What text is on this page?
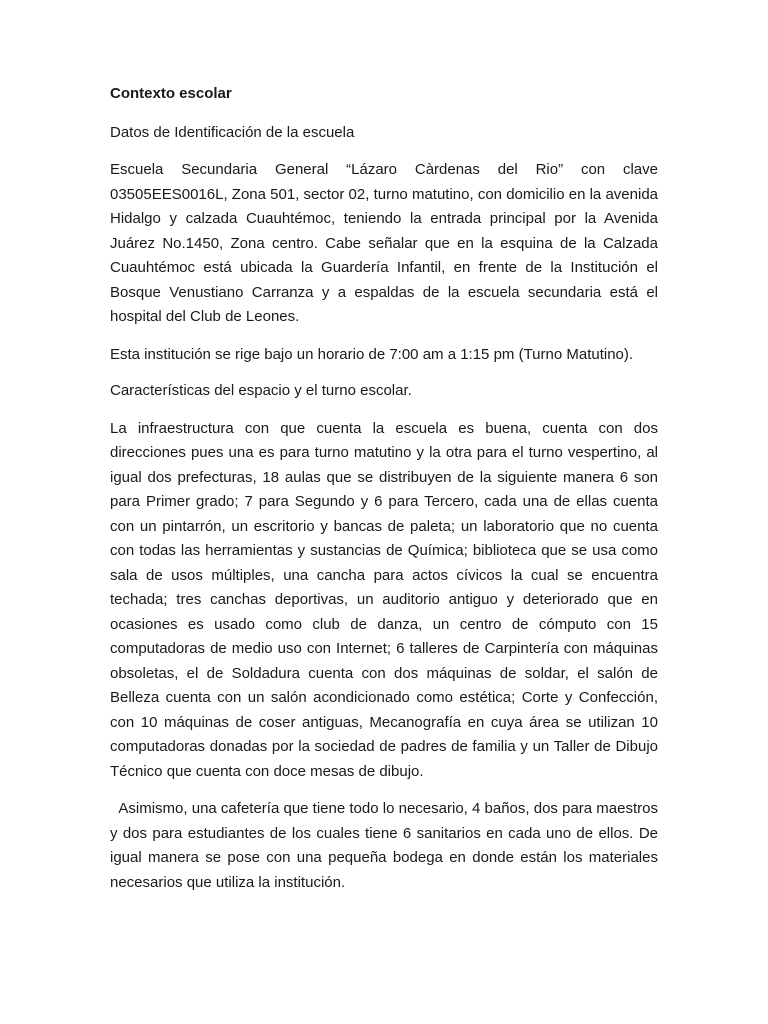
Contexto escolar
Datos de Identificación de la escuela
Escuela Secundaria General “Lázaro Càrdenas del Rio” con clave 03505EES0016L, Zona 501, sector 02, turno matutino, con domicilio en la avenida Hidalgo y calzada Cuauhtémoc, teniendo la entrada principal por la Avenida Juárez No.1450, Zona centro. Cabe señalar que en la esquina de la Calzada Cuauhtémoc está ubicada la Guardería Infantil, en frente de la Institución el Bosque Venustiano Carranza y a espaldas de la escuela secundaria está el hospital del Club de Leones.
Esta institución se rige bajo un horario de 7:00 am a 1:15 pm (Turno Matutino).
Características del espacio y el turno escolar.
La infraestructura con que cuenta la escuela es buena, cuenta con dos direcciones pues una es para turno matutino y la otra para el turno vespertino, al igual dos prefecturas, 18 aulas que se distribuyen de la siguiente manera 6 son para Primer grado; 7 para Segundo y 6 para Tercero, cada una de ellas cuenta con un pintarrón, un escritorio y bancas de paleta; un laboratorio que no cuenta con todas las herramientas y sustancias de Química; biblioteca que se usa como sala de usos múltiples, una cancha para actos cívicos la cual se encuentra techada; tres canchas deportivas, un auditorio antiguo y deteriorado que en ocasiones es usado como club de danza, un centro de cómputo con 15 computadoras de medio uso con Internet; 6 talleres de Carpintería con máquinas obsoletas, el de Soldadura cuenta con dos máquinas de soldar, el salón de Belleza cuenta con un salón acondicionado como estética; Corte y Confección, con 10 máquinas de coser antiguas, Mecanografía en cuya área se utilizan 10 computadoras donadas por la sociedad de padres de familia y un Taller de Dibujo Técnico que cuenta con doce mesas de dibujo.
Asimismo, una cafetería que tiene todo lo necesario, 4 baños, dos para maestros y dos para estudiantes de los cuales tiene 6 sanitarios en cada uno de ellos. De igual manera se pose con una pequeña bodega en donde están los materiales necesarios que utiliza la institución.
